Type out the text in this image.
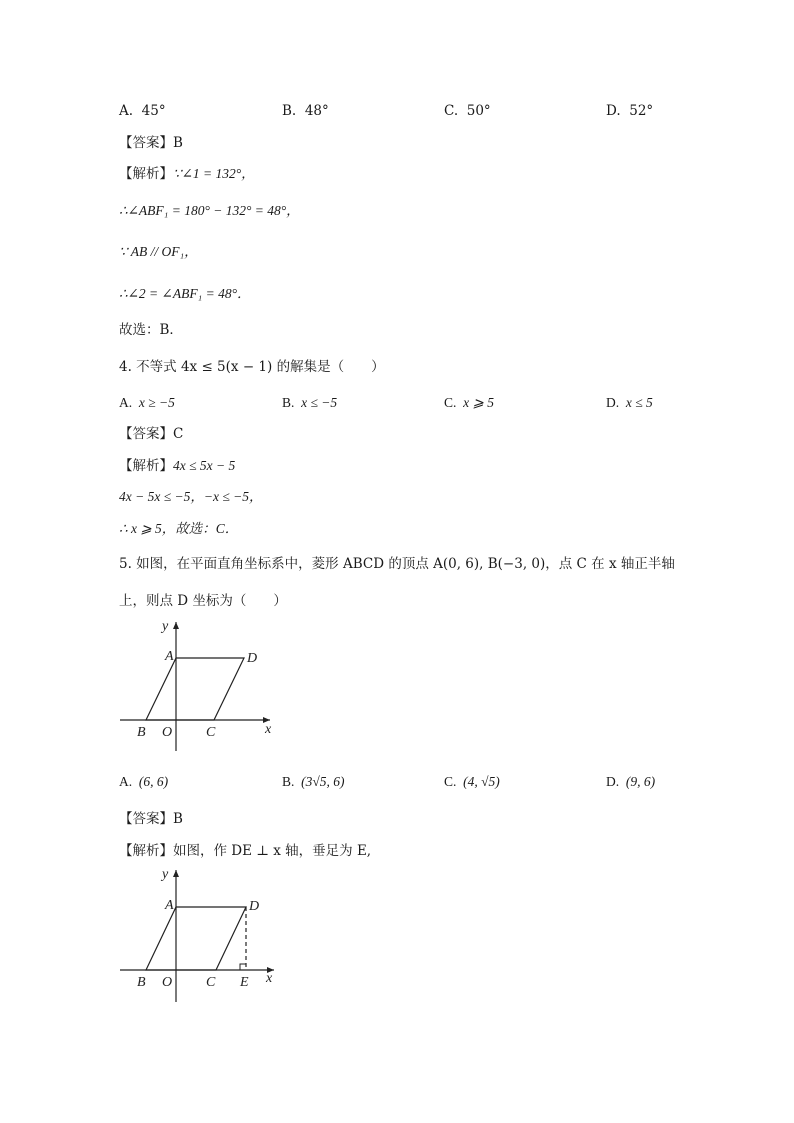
A. 45°	B. 48°	C. 50°	D. 52°
【答案】B
【解析】∵∠1 = 132°，
∴∠ABF₁ = 180° − 132° = 48°，
∵ AB // OF₁，
∴∠2 = ∠ABF₁ = 48°．
故选：B．
4. 不等式 4x ≤ 5(x − 1) 的解集是（　　）
A. x ≥ −5	B. x ≤ −5	C. x ⩾ 5	D. x ≤ 5
【答案】C
【解析】4x ≤ 5x − 5
4x − 5x ≤ −5，−x ≤ −5，
∴ x ⩾ 5，故选：C．
5. 如图，在平面直角坐标系中，菱形 ABCD 的顶点 A(0, 6), B(−3, 0)，点 C 在 x 轴正半轴
上，则点 D 坐标为（　　）
y
A	D
B O C	x
A. (6, 6)	B. (3√5, 6)	C. (4, √5)	D. (9, 6)
【答案】B
【解析】如图，作 DE ⊥ x 轴，垂足为 E,
y
A	D
B O C E x
